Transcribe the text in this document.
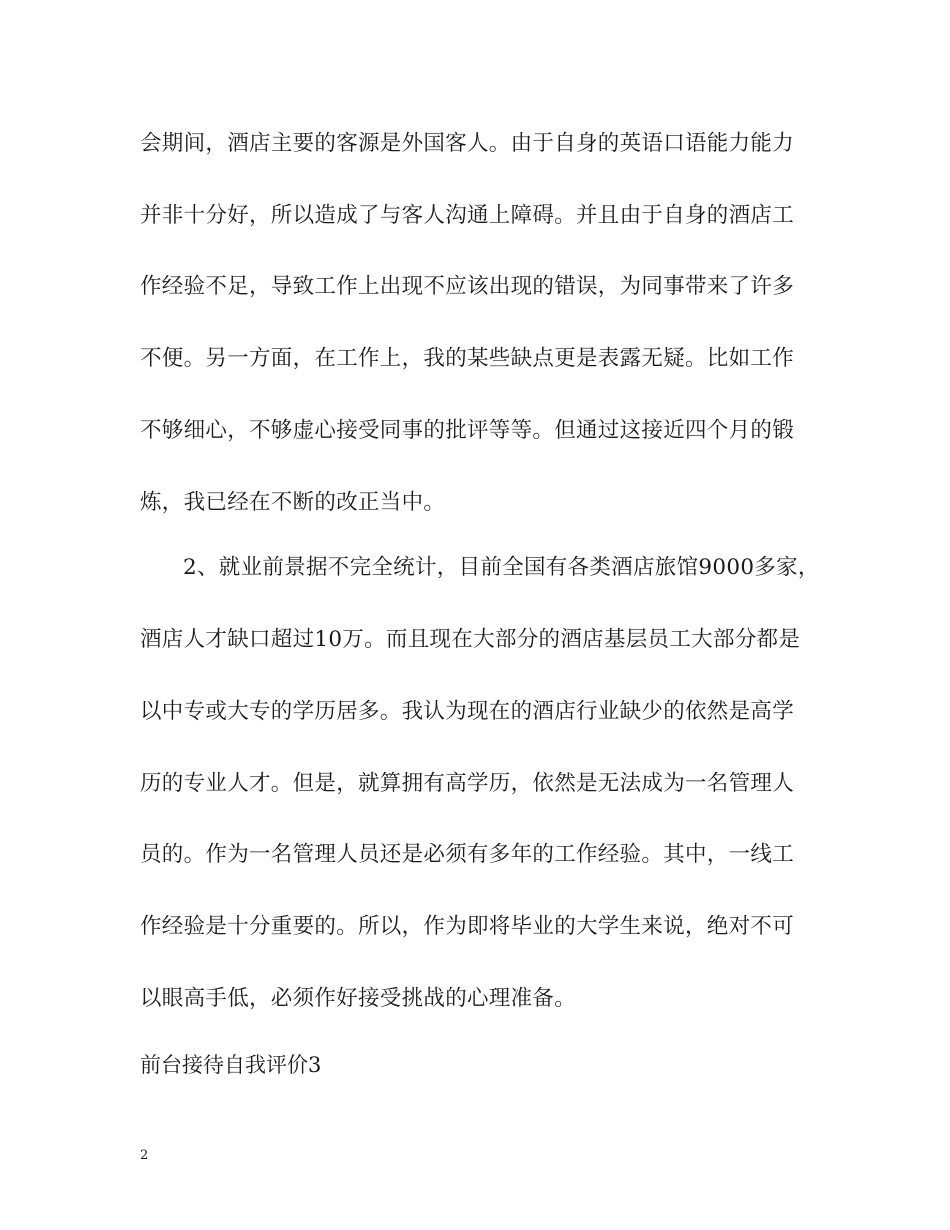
会期间，酒店主要的客源是外国客人。由于自身的英语口语能力能力
并非十分好，所以造成了与客人沟通上障碍。并且由于自身的酒店工
作经验不足，导致工作上出现不应该出现的错误，为同事带来了许多
不便。另一方面，在工作上，我的某些缺点更是表露无疑。比如工作
不够细心，不够虚心接受同事的批评等等。但通过这接近四个月的锻
炼，我已经在不断的改正当中。
2、就业前景据不完全统计，目前全国有各类酒店旅馆9000多家，
酒店人才缺口超过10万。而且现在大部分的酒店基层员工大部分都是
以中专或大专的学历居多。我认为现在的酒店行业缺少的依然是高学
历的专业人才。但是，就算拥有高学历，依然是无法成为一名管理人
员的。作为一名管理人员还是必须有多年的工作经验。其中，一线工
作经验是十分重要的。所以，作为即将毕业的大学生来说，绝对不可
以眼高手低，必须作好接受挑战的心理准备。
前台接待自我评价3
2
